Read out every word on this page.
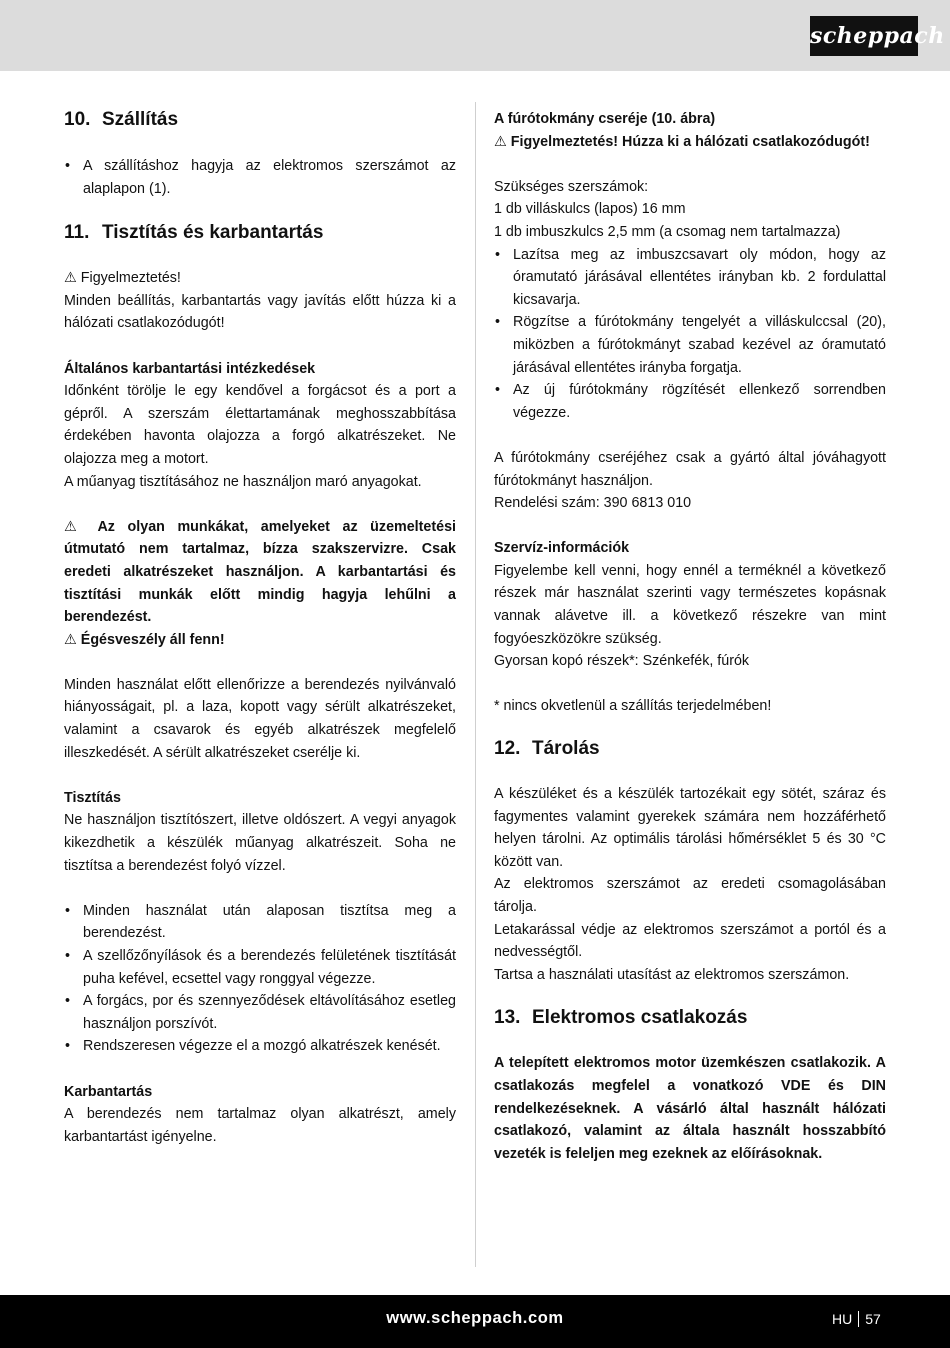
scheppach
10. Szállítás
• A szállításhoz hagyja az elektromos szerszámot az alaplapon (1).
11. Tisztítás és karbantartás

⚠ Figyelmeztetés!

Minden beállítás, karbantartás vagy javítás előtt húzza ki a hálózati csatlakozódugót!

Általános karbantartási intézkedések

Időnként törölje le egy kendővel a forgácsot és a port a gépről. A szerszám élettartamának meghosszabbítása érdekében havonta olajozza a forgó alkatrészeket. Ne olajozza meg a motort.

A műanyag tisztításához ne használjon maró anyagokat.

⚠ Az olyan munkákat, amelyeket az üzemeltetési útmutató nem tartalmaz, bízza szakszervizre. Csak eredeti alkatrészeket használjon. A karbantartási és tisztítási munkák előtt mindig hagyja lehűlni a berendezést.

⚠ Égésveszély áll fenn!

Minden használat előtt ellenőrizze a berendezés nyilvánvaló hiányosságait, pl. a laza, kopott vagy sérült alkatrészeket, valamint a csavarok és egyéb alkatrészek megfelelő illeszkedését. A sérült alkatrészeket cserélje ki.

Tisztítás

Ne használjon tisztítószert, illetve oldószert. A vegyi anyagok kikezdhetik a készülék műanyag alkatrészeit. Soha ne tisztítsa a berendezést folyó vízzel.

• Minden használat után alaposan tisztítsa meg a berendezést.
• A szellőzőnyílások és a berendezés felületének tisztítását puha kefével, ecsettel vagy ronggyal végezze.
• A forgács, por és szennyeződések eltávolításához esetleg használjon porszívót.
• Rendszeresen végezze el a mozgó alkatrészek kenését.

Karbantartás

A berendezés nem tartalmaz olyan alkatrészt, amely karbantartást igényelne.

A fúrótokmány cseréje (10. ábra)

⚠ Figyelmeztetés! Húzza ki a hálózati csatlakozódugót!

Szükséges szerszámok:

1 db villáskulcs (lapos) 16 mm

1 db imbuszkulcs 2,5 mm (a csomag nem tartalmazza)

• Lazítsa meg az imbuszcsavart oly módon, hogy az óramutató járásával ellentétes irányban kb. 2 fordulattal kicsavarja.
• Rögzítse a fúrótokmány tengelyét a villáskulccsal (20), miközben a fúrótokmányt szabad kezével az óramutató járásával ellentétes irányba forgatja.
• Az új fúrótokmány rögzítését ellenkező sorrendben végezze.

A fúrótokmány cseréjéhez csak a gyártó által jóváhagyott fúrótokmányt használjon.

Rendelési szám: 390 6813 010

Szervíz-információk

Figyelembe kell venni, hogy ennél a terméknél a következő részek már használat szerinti vagy természetes kopásnak vannak alávetve ill. a következő részekre van mint fogyóeszközökre szükség.

Gyorsan kopó részek*: Szénkefék, fúrók

* nincs okvetlenül a szállítás terjedelmében!

12. Tárolás

A készüléket és a készülék tartozékait egy sötét, száraz és fagymentes valamint gyerekek számára nem hozzáférhető helyen tárolni. Az optimális tárolási hőmérséklet 5 és 30 °C között van.

Az elektromos szerszámot az eredeti csomagolásában tárolja.

Letakarással védje az elektromos szerszámot a portól és a nedvességtől.

Tartsa a használati utasítást az elektromos szerszámon.

13. Elektromos csatlakozás

A telepített elektromos motor üzemkészen csatlakozik. A csatlakozás megfelel a vonatkozó VDE és DIN rendelkezéseknek. A vásárló által használt hálózati csatlakozó, valamint az általa használt hosszabbító vezeték is feleljen meg ezeknek az előírásoknak.

www.scheppach.com	HU 57
